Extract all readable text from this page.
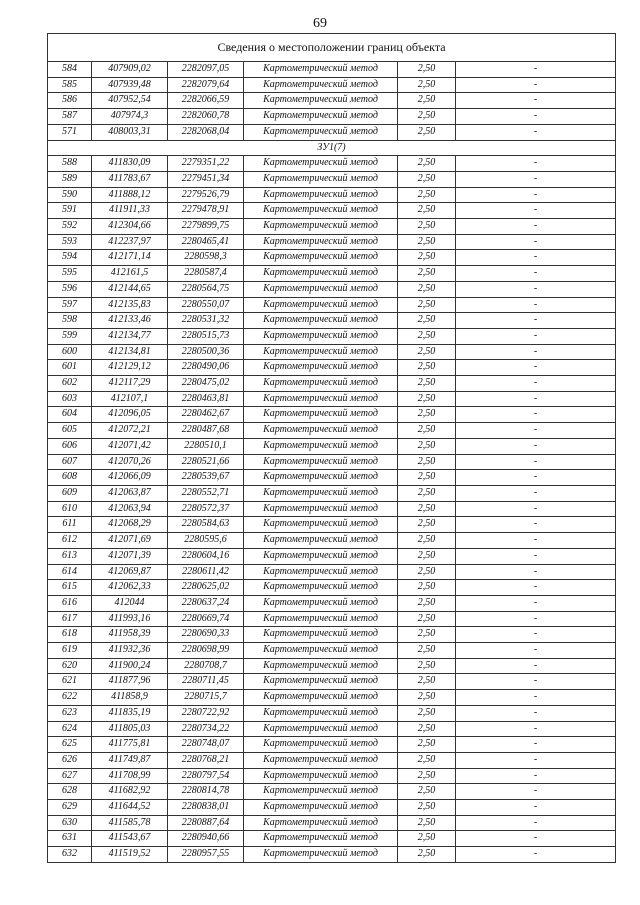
69
Сведения о местоположении границ объекта					
584	407909,02	2282097,05	Картометрический метод	2,50	-
585	407939,48	2282079,64	Картометрический метод	2,50	-
586	407952,54	2282066,59	Картометрический метод	2,50	-
587	407974,3	2282060,78	Картометрический метод	2,50	-
571	408003,31	2282068,04	Картометрический метод	2,50	-
ЗУ1(7)					
588	411830,09	2279351,22	Картометрический метод	2,50	-
589	411783,67	2279451,34	Картометрический метод	2,50	-
590	411888,12	2279526,79	Картометрический метод	2,50	-
591	411911,33	2279478,91	Картометрический метод	2,50	-
592	412304,66	2279899,75	Картометрический метод	2,50	-
593	412237,97	2280465,41	Картометрический метод	2,50	-
594	412171,14	2280598,3	Картометрический метод	2,50	-
595	412161,5	2280587,4	Картометрический метод	2,50	-
596	412144,65	2280564,75	Картометрический метод	2,50	-
597	412135,83	2280550,07	Картометрический метод	2,50	-
598	412133,46	2280531,32	Картометрический метод	2,50	-
599	412134,77	2280515,73	Картометрический метод	2,50	-
600	412134,81	2280500,36	Картометрический метод	2,50	-
601	412129,12	2280490,06	Картометрический метод	2,50	-
602	412117,29	2280475,02	Картометрический метод	2,50	-
603	412107,1	2280463,81	Картометрический метод	2,50	-
604	412096,05	2280462,67	Картометрический метод	2,50	-
605	412072,21	2280487,68	Картометрический метод	2,50	-
606	412071,42	2280510,1	Картометрический метод	2,50	-
607	412070,26	2280521,66	Картометрический метод	2,50	-
608	412066,09	2280539,67	Картометрический метод	2,50	-
609	412063,87	2280552,71	Картометрический метод	2,50	-
610	412063,94	2280572,37	Картометрический метод	2,50	-
611	412068,29	2280584,63	Картометрический метод	2,50	-
612	412071,69	2280595,6	Картометрический метод	2,50	-
613	412071,39	2280604,16	Картометрический метод	2,50	-
614	412069,87	2280611,42	Картометрический метод	2,50	-
615	412062,33	2280625,02	Картометрический метод	2,50	-
616	412044	2280637,24	Картометрический метод	2,50	-
617	411993,16	2280669,74	Картометрический метод	2,50	-
618	411958,39	2280690,33	Картометрический метод	2,50	-
619	411932,36	2280698,99	Картометрический метод	2,50	-
620	411900,24	2280708,7	Картометрический метод	2,50	-
621	411877,96	2280711,45	Картометрический метод	2,50	-
622	411858,9	2280715,7	Картометрический метод	2,50	-
623	411835,19	2280722,92	Картометрический метод	2,50	-
624	411805,03	2280734,22	Картометрический метод	2,50	-
625	411775,81	2280748,07	Картометрический метод	2,50	-
626	411749,87	2280768,21	Картометрический метод	2,50	-
627	411708,99	2280797,54	Картометрический метод	2,50	-
628	411682,92	2280814,78	Картометрический метод	2,50	-
629	411644,52	2280838,01	Картометрический метод	2,50	-
630	411585,78	2280887,64	Картометрический метод	2,50	-
631	411543,67	2280940,66	Картометрический метод	2,50	-
632	411519,52	2280957,55	Картометрический метод	2,50	-
